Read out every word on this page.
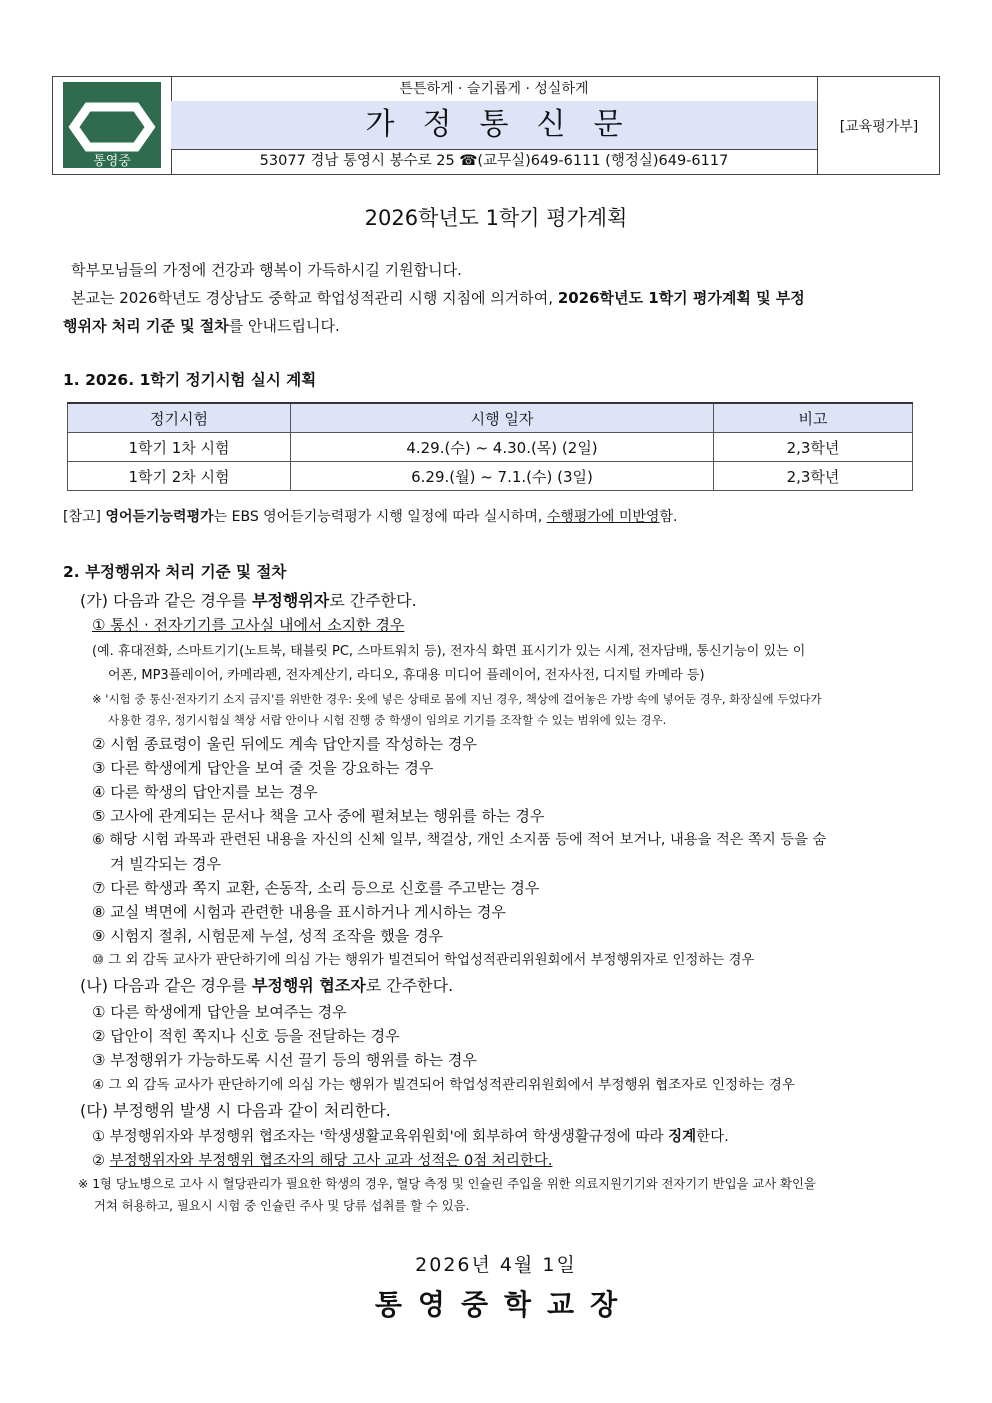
통영중
튼튼하게 · 슬기롭게 · 성실하게
가정통신문
53077 경남 통영시 봉수로 25 ☎(교무실)649-6111 (행정실)649-6117
[교육평가부]
2026학년도 1학기 평가계획
학부모님들의 가정에 건강과 행복이 가득하시길 기원합니다.
본교는 2026학년도 경상남도 중학교 학업성적관리 시행 지침에 의거하여, 2026학년도 1학기 평가계획 및 부정
행위자 처리 기준 및 절차를 안내드립니다.
1. 2026. 1학기 정기시험 실시 계획
정기시험	시행 일자	비고
1학기 1차 시험	4.29.(수) ~ 4.30.(목) (2일)	2,3학년
1학기 2차 시험	6.29.(월) ~ 7.1.(수) (3일)	2,3학년
[참고] 영어듣기능력평가는 EBS 영어듣기능력평가 시행 일정에 따라 실시하며, 수행평가에 미반영함.
2. 부정행위자 처리 기준 및 절차
(가) 다음과 같은 경우를 부정행위자로 간주한다.
① 통신 · 전자기기를 고사실 내에서 소지한 경우
(예. 휴대전화, 스마트기기(노트북, 태블릿 PC, 스마트워치 등), 전자식 화면 표시기가 있는 시계, 전자담배, 통신기능이 있는 이
어폰, MP3플레이어, 카메라펜, 전자계산기, 라디오, 휴대용 미디어 플레이어, 전자사전, 디지털 카메라 등)
※ '시험 중 통신·전자기기 소지 금지'를 위반한 경우: 옷에 넣은 상태로 몸에 지닌 경우, 책상에 걸어놓은 가방 속에 넣어둔 경우, 화장실에 두었다가
사용한 경우, 정기시험실 책상 서랍 안이나 시험 진행 중 학생이 임의로 기기를 조작할 수 있는 범위에 있는 경우.
② 시험 종료령이 울린 뒤에도 계속 답안지를 작성하는 경우
③ 다른 학생에게 답안을 보여 줄 것을 강요하는 경우
④ 다른 학생의 답안지를 보는 경우
⑤ 고사에 관계되는 문서나 책을 고사 중에 펼쳐보는 행위를 하는 경우
⑥ 해당 시험 과목과 관련된 내용을 자신의 신체 일부, 책걸상, 개인 소지품 등에 적어 보거나, 내용을 적은 쪽지 등을 숨
겨 빌각되는 경우
⑦ 다른 학생과 쪽지 교환, 손동작, 소리 등으로 신호를 주고받는 경우
⑧ 교실 벽면에 시험과 관련한 내용을 표시하거나 게시하는 경우
⑨ 시험지 절취, 시험문제 누설, 성적 조작을 했을 경우
⑩ 그 외 감독 교사가 판단하기에 의심 가는 행위가 빌견되어 학업성적관리위원회에서 부정행위자로 인정하는 경우
(나) 다음과 같은 경우를 부정행위 협조자로 간주한다.
① 다른 학생에게 답안을 보여주는 경우
② 답안이 적힌 쪽지나 신호 등을 전달하는 경우
③ 부정행위가 가능하도록 시선 끌기 등의 행위를 하는 경우
④ 그 외 감독 교사가 판단하기에 의심 가는 행위가 빌견되어 학업성적관리위원회에서 부정행위 협조자로 인정하는 경우
(다) 부정행위 발생 시 다음과 같이 처리한다.
① 부정행위자와 부정행위 협조자는 '학생생활교육위원회'에 회부하여 학생생활규정에 따라 징계한다.
② 부정행위자와 부정행위 협조자의 해당 고사 교과 성적은 0점 처리한다.
※ 1형 당뇨병으로 고사 시 혈당관리가 필요한 학생의 경우, 혈당 측정 및 인슐린 주입을 위한 의료지원기기와 전자기기 반입을 교사 확인을
거쳐 허용하고, 필요시 시험 중 인슐린 주사 및 당류 섭취를 할 수 있음.
2026년 4월 1일
통영중학교장
